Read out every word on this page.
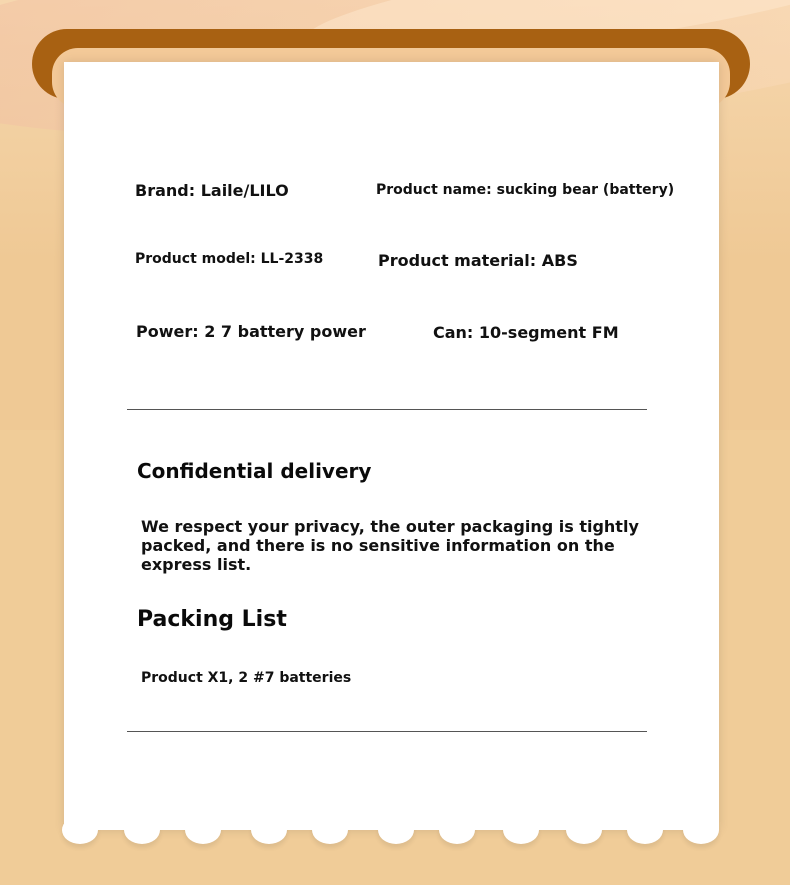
Brand: Laile/LILO	Product name: sucking bear (battery)
Product model: LL-2338	Product material: ABS
Power: 2 7 battery power	Can: 10-segment FM
Confidential delivery
We respect your privacy, the outer packaging is tightly packed, and there is no sensitive information on the express list.
Packing List
Product X1, 2 #7 batteries
